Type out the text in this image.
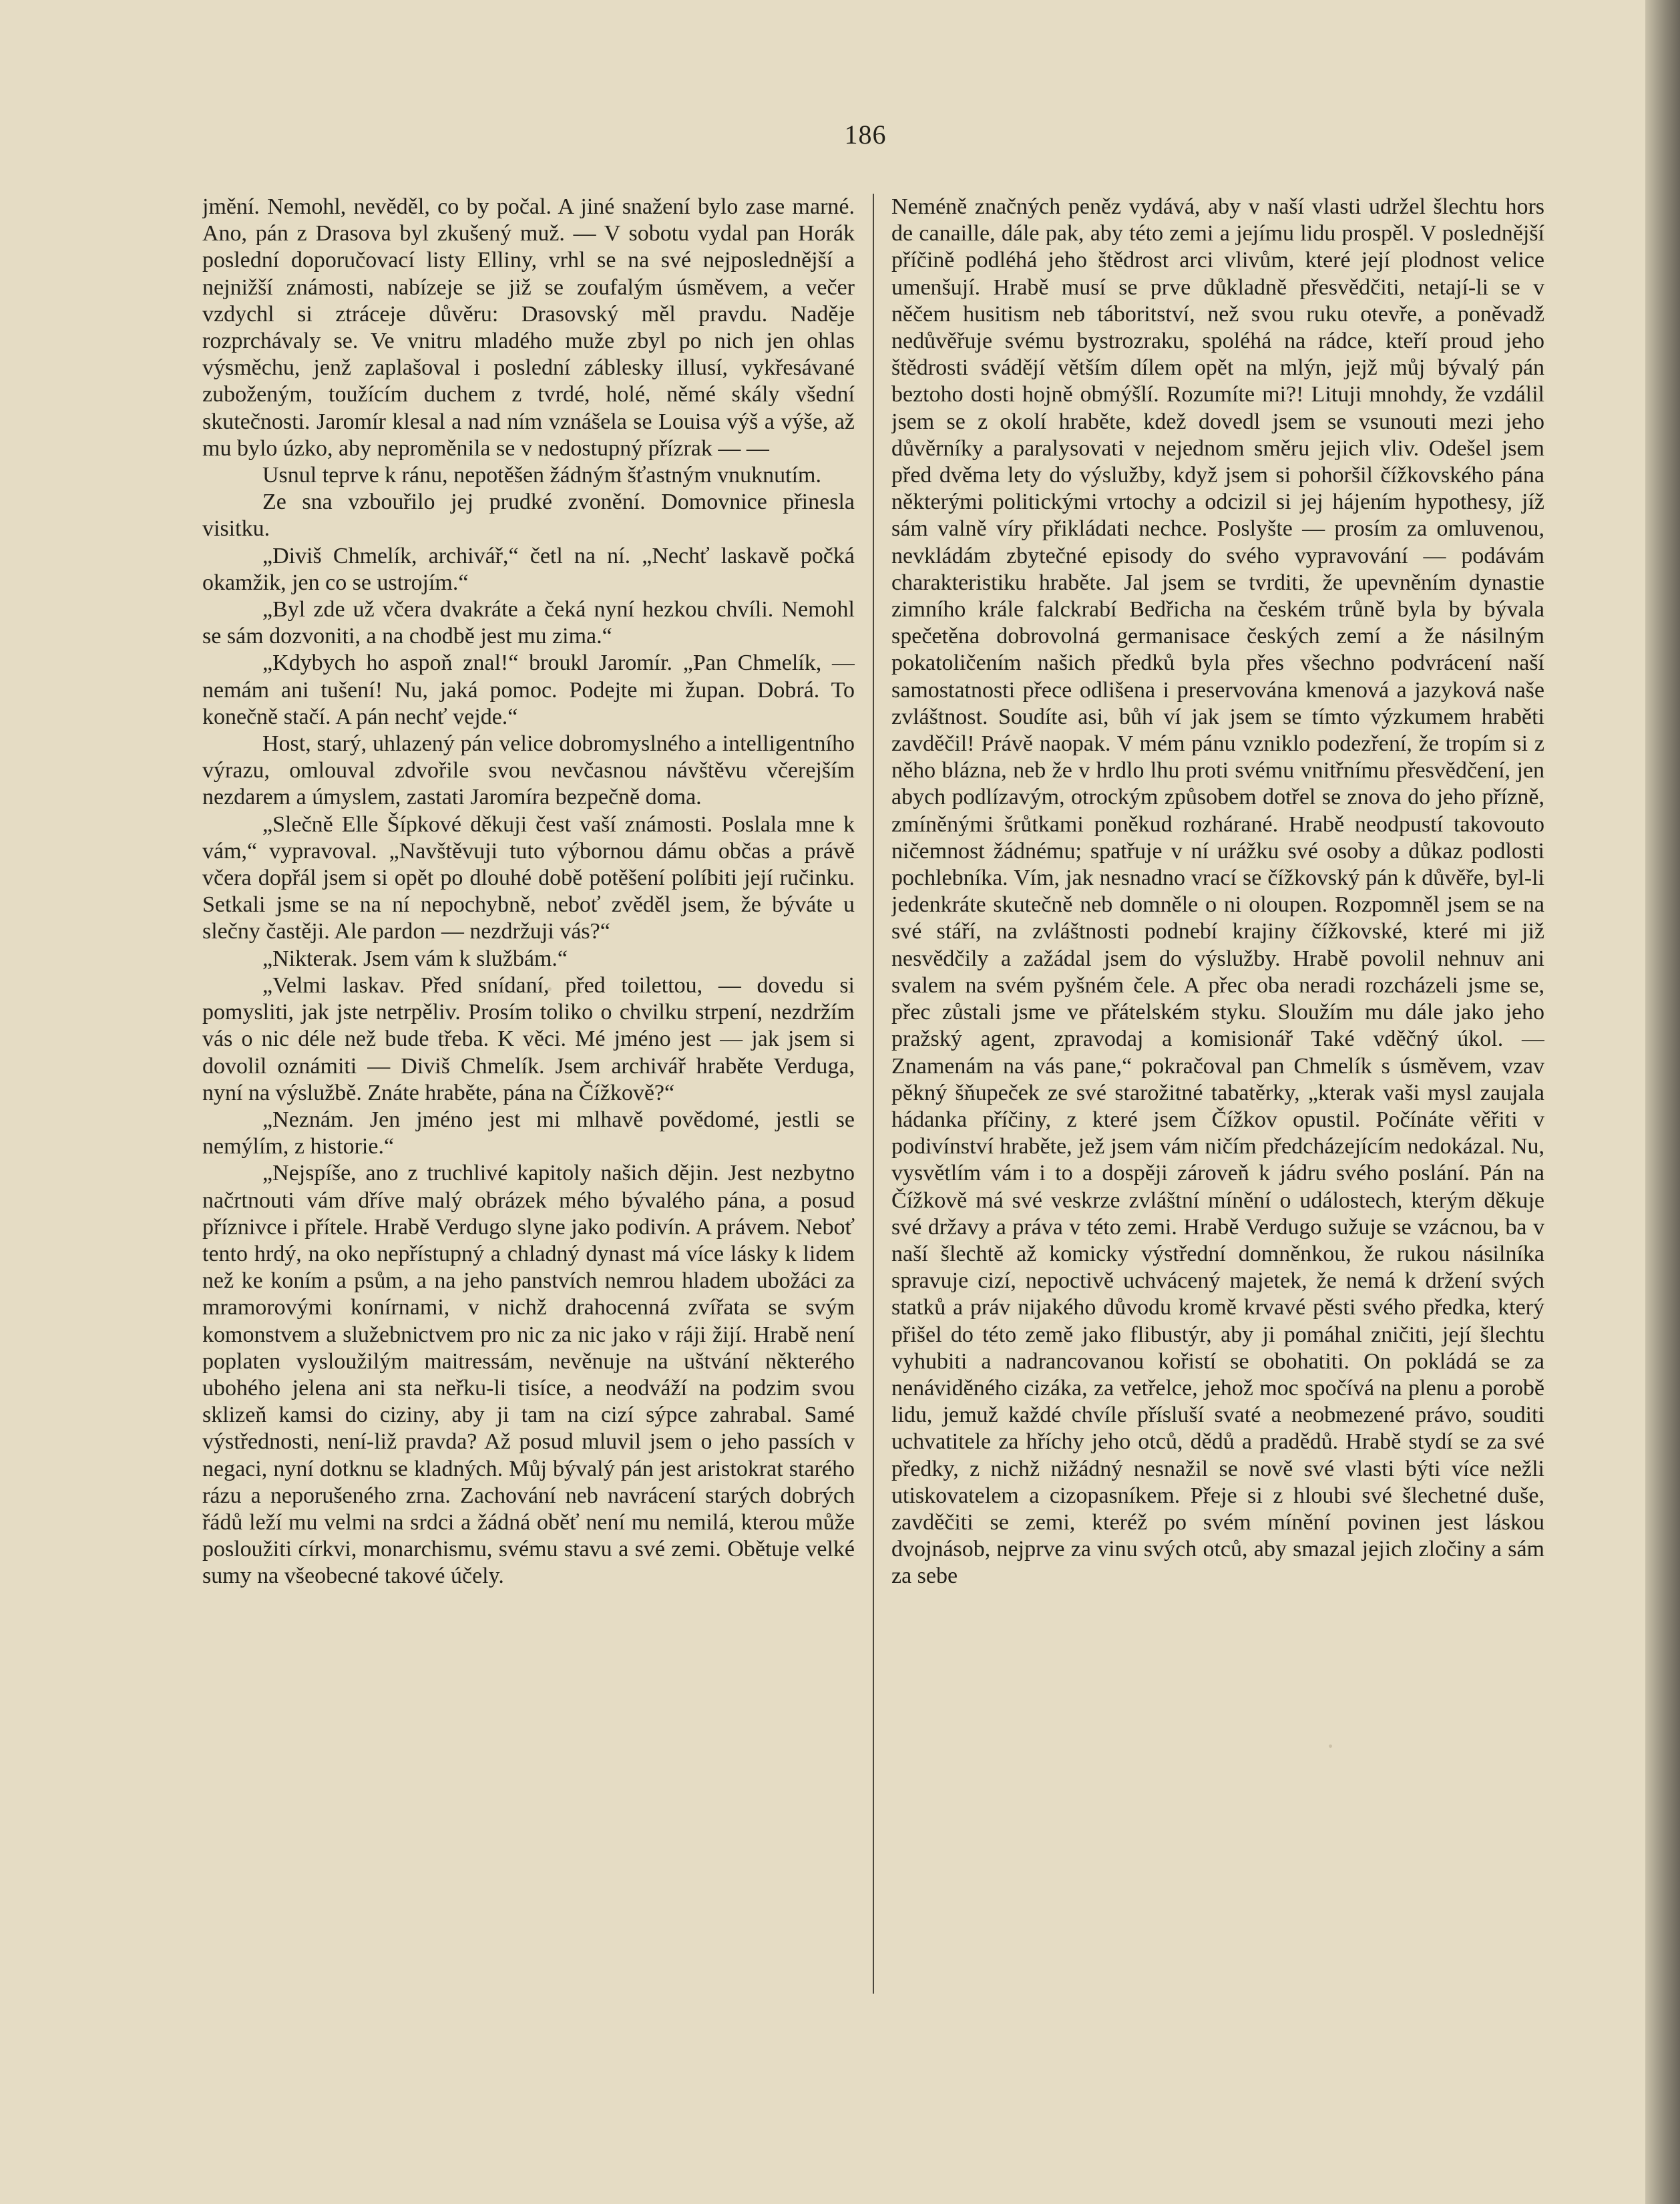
186

jmění. Nemohl, nevěděl, co by počal. A jiné snažení bylo zase marné. Ano, pán z Drasova byl zkušený muž. — V sobotu vydal pan Horák poslední doporučovací listy Elliny, vrhl se na své nejposlednější a nejnižší známosti, nabízeje se již se zoufalým úsměvem, a večer vzdychl si ztráceje důvěru: Drasovský měl pravdu. Naděje rozprchávaly se. Ve vnitru mladého muže zbyl po nich jen ohlas výsměchu, jenž zaplašoval i poslední záblesky illusí, vykřesávané zuboženým, toužícím duchem z tvrdé, holé, němé skály všední skutečnosti. Jaromír klesal a nad ním vznášela se Louisa výš a výše, až mu bylo úzko, aby neproměnila se v nedostupný přízrak — —

Usnul teprve k ránu, nepotěšen žádným šťastným vnuknutím.

Ze sna vzbouřilo jej prudké zvonění. Domovnice přinesla visitku.

„Diviš Chmelík, archivář,“ četl na ní. „Nechť laskavě počká okamžik, jen co se ustrojím.“

„Byl zde už včera dvakráte a čeká nyní hezkou chvíli. Nemohl se sám dozvoniti, a na chodbě jest mu zima.“

„Kdybych ho aspoň znal!“ broukl Jaromír. „Pan Chmelík, — nemám ani tušení! Nu, jaká pomoc. Podejte mi župan. Dobrá. To konečně stačí. A pán nechť vejde.“

Host, starý, uhlazený pán velice dobromyslného a intelligentního výrazu, omlouval zdvořile svou nevčasnou návštěvu včerejším nezdarem a úmyslem, zastati Jaromíra bezpečně doma.

„Slečně Elle Šípkové děkuji čest vaší známosti. Poslala mne k vám,“ vypravoval. „Navštěvuji tuto výbornou dámu občas a právě včera dopřál jsem si opět po dlouhé době potěšení políbiti její ručinku. Setkali jsme se na ní nepochybně, neboť zvěděl jsem, že býváte u slečny častěji. Ale pardon — nezdržuji vás?“

„Nikterak. Jsem vám k službám.“

„Velmi laskav. Před snídaní, před toilettou, — dovedu si pomysliti, jak jste netrpěliv. Prosím toliko o chvilku strpení, nezdržím vás o nic déle než bude třeba. K věci. Mé jméno jest — jak jsem si dovolil oznámiti — Diviš Chmelík. Jsem archivář hraběte Verduga, nyní na výslužbě. Znáte hraběte, pána na Čížkově?“

„Neznám. Jen jméno jest mi mlhavě povědomé, jestli se nemýlím, z historie.“

„Nejspíše, ano z truchlivé kapitoly našich dějin. Jest nezbytno načrtnouti vám dříve malý obrázek mého bývalého pána, a posud příznivce i přítele. Hrabě Verdugo slyne jako podivín. A právem. Neboť tento hrdý, na oko nepřístupný a chladný dynast má více lásky k lidem než ke koním a psům, a na jeho panstvích nemrou hladem ubožáci za mramorovými konírnami, v nichž drahocenná zvířata se svým komonstvem a služebnictvem pro nic za nic jako v ráji žijí. Hrabě není poplaten vysloužilým maitressám, nevěnuje na uštvání některého ubohého jelena ani sta neřku-li tisíce, a neodváží na podzim svou sklizeň kamsi do ciziny, aby ji tam na cizí sýpce zahrabal. Samé výstřednosti, není-liž pravda? Až posud mluvil jsem o jeho passích v negaci, nyní dotknu se kladných. Můj bývalý pán jest aristokrat starého rázu a neporušeného zrna. Zachování neb navrácení starých dobrých řádů leží mu velmi na srdci a žádná oběť není mu nemilá, kterou může posloužiti církvi, monarchismu, svému stavu a své zemi. Obětuje velké sumy na všeobecné takové účely.

Neméně značných peněz vydává, aby v naší vlasti udržel šlechtu hors de canaille, dále pak, aby této zemi a jejímu lidu prospěl. V poslednější příčině podléhá jeho štědrost arci vlivům, které její plodnost velice umenšují. Hrabě musí se prve důkladně přesvědčiti, netají-li se v něčem husitism neb táboritství, než svou ruku otevře, a poněvadž nedůvěřuje svému bystrozraku, spoléhá na rádce, kteří proud jeho štědrosti svádějí větším dílem opět na mlýn, jejž můj bývalý pán beztoho dosti hojně obmýšlí. Rozumíte mi?! Lituji mnohdy, že vzdálil jsem se z okolí hraběte, kdež dovedl jsem se vsunouti mezi jeho důvěrníky a paralysovati v nejednom směru jejich vliv. Odešel jsem před dvěma lety do výslužby, když jsem si pohoršil čížkovského pána některými politickými vrtochy a odcizil si jej hájením hypothesy, jíž sám valně víry přikládati nechce. Poslyšte — prosím za omluvenou, nevkládám zbytečné episody do svého vypravování — podávám charakteristiku hraběte. Jal jsem se tvrditi, že upevněním dynastie zimního krále falckrabí Bedřicha na českém trůně byla by bývala spečetěna dobrovolná germanisace českých zemí a že násilným pokatoličením našich předků byla přes všechno podvrácení naší samostatnosti přece odlišena i preservována kmenová a jazyková naše zvláštnost. Soudíte asi, bůh ví jak jsem se tímto výzkumem hraběti zavděčil! Právě naopak. V mém pánu vzniklo podezření, že tropím si z něho blázna, neb že v hrdlo lhu proti svému vnitřnímu přesvědčení, jen abych podlízavým, otrockým způsobem dotřel se znova do jeho přízně, zmíněnými šrůtkami poněkud rozhárané. Hrabě neodpustí takovouto ničemnost žádnému; spatřuje v ní urážku své osoby a důkaz podlosti pochlebníka. Vím, jak nesnadno vrací se čížkovský pán k důvěře, byl-li jedenkráte skutečně neb domněle o ni oloupen. Rozpomněl jsem se na své stáří, na zvláštnosti podnebí krajiny čížkovské, které mi již nesvědčily a zažádal jsem do výslužby. Hrabě povolil nehnuv ani svalem na svém pyšném čele. A přec oba neradi rozcházeli jsme se, přec zůstali jsme ve přátelském styku. Sloužím mu dále jako jeho pražský agent, zpravodaj a komisionář Také vděčný úkol. — Znamenám na vás pane,“ pokračoval pan Chmelík s úsměvem, vzav pěkný šňupeček ze své starožitné tabatěrky, „kterak vaši mysl zaujala hádanka příčiny, z které jsem Čížkov opustil. Počínáte věřiti v podivínství hraběte, jež jsem vám ničím předcházejícím nedokázal. Nu, vysvětlím vám i to a dospěji zároveň k jádru svého poslání. Pán na Čížkově má své veskrze zvláštní mínění o událostech, kterým děkuje své državy a práva v této zemi. Hrabě Verdugo sužuje se vzácnou, ba v naší šlechtě až komicky výstřední domněnkou, že rukou násilníka spravuje cizí, nepoctivě uchvácený majetek, že nemá k držení svých statků a práv nijakého důvodu kromě krvavé pěsti svého předka, který přišel do této země jako flibustýr, aby ji pomáhal zničiti, její šlechtu vyhubiti a nadrancovanou kořistí se obohatiti. On pokládá se za nenáviděného cizáka, za vetřelce, jehož moc spočívá na plenu a porobě lidu, jemuž každé chvíle přísluší svaté a neobmezené právo, souditi uchvatitele za hříchy jeho otců, dědů a pradědů. Hrabě stydí se za své předky, z nichž nižádný nesnažil se nově své vlasti býti více nežli utiskovatelem a cizopasníkem. Přeje si z hloubi své šlechetné duše, zavděčiti se zemi, kteréž po svém mínění povinen jest láskou dvojnásob, nejprve za vinu svých otců, aby smazal jejich zločiny a sám za sebe
